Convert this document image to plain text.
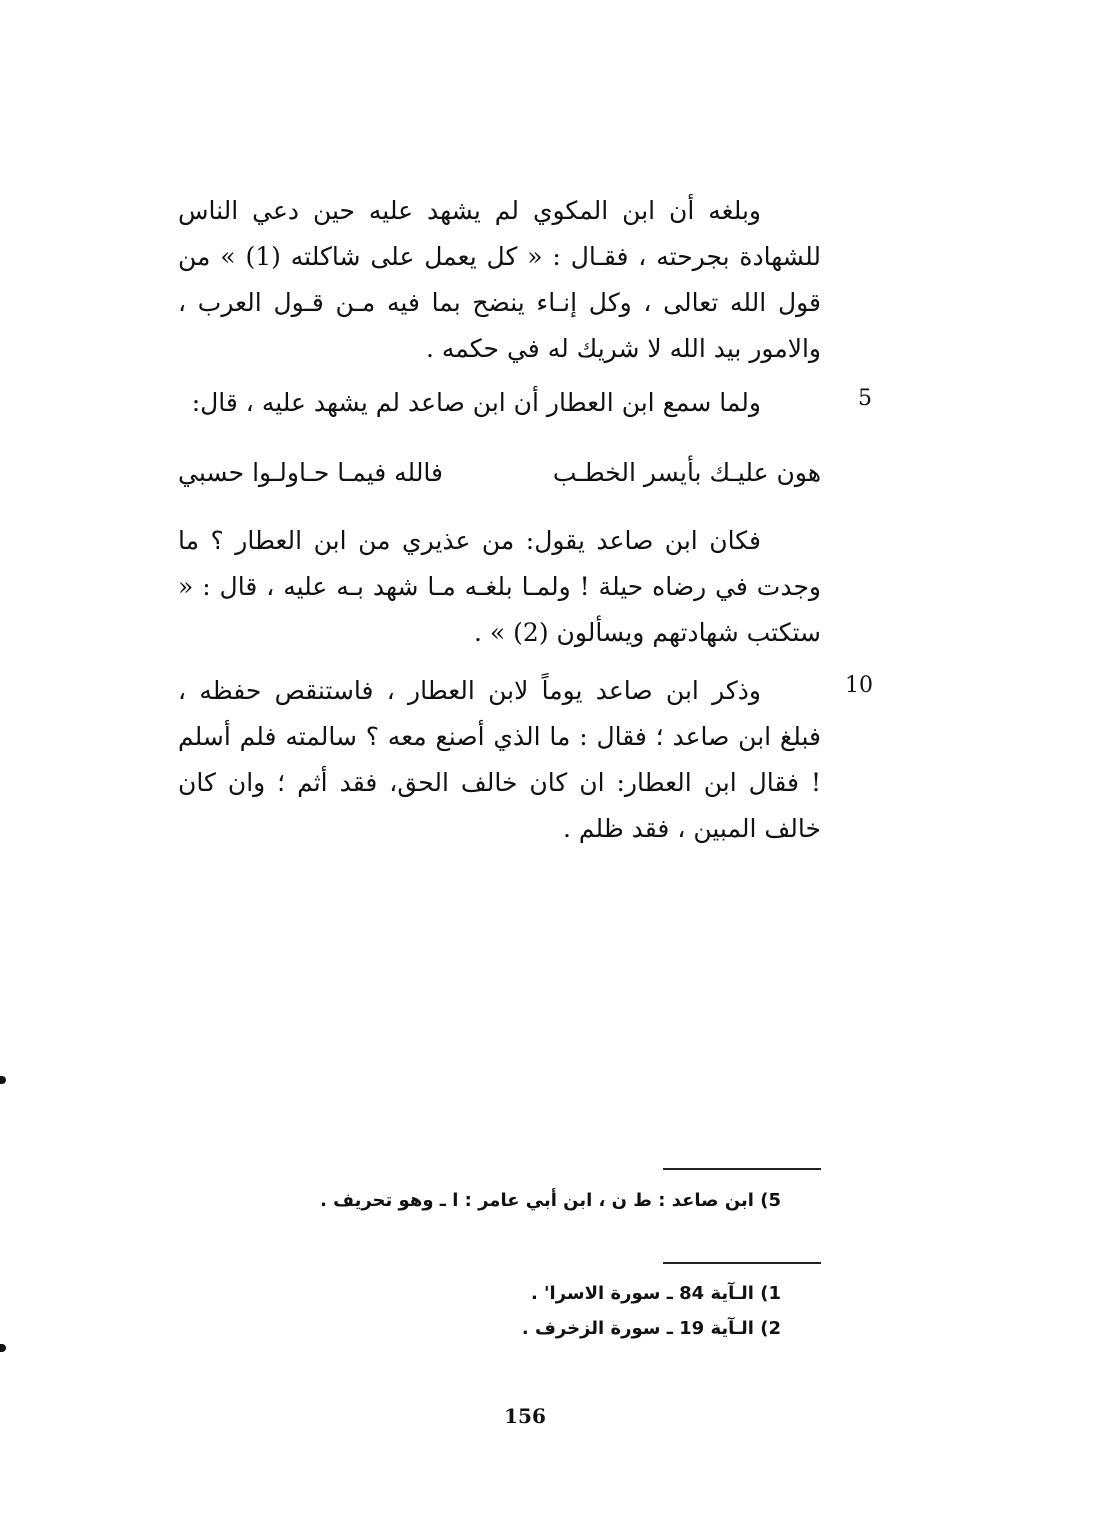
وبلغه أن ابن المكوي لم يشهد عليه حين دعي الناس للشهادة بجرحته ، فقـال : « كل يعمل على شاكلته (1) » من قول الله تعالى ، وكل إنـاء ينضح بما فيه مـن قـول العرب ، والامور بيد الله لا شريك له في حكمه .

5

ولما سمع ابن العطار أن ابن صاعد لم يشهد عليه ، قال:

هون عليـك بأيسر الخطـب
فالله فيمـا حـاولـوا حسبي

فكان ابن صاعد يقول: من عذيري من ابن العطار ؟ ما وجدت في رضاه حيلة ! ولمـا بلغـه مـا شهد بـه عليه ، قال : « ستكتب شهادتهم ويسألون (2) » .

10

وذكر ابن صاعد يوماً لابن العطار ، فاستنقص حفظه ، فبلغ ابن صاعد ؛ فقال : ما الذي أصنع معه ؟ سالمته فلم أسلم ! فقال ابن العطار: ان كان خالف الحق، فقد أثم ؛ وان كان خالف المبين ، فقد ظلم .

5) ابن صاعد : ط ن ، ابن أبي عامر : ا ـ وهو تحريف .
1) الـآية 84 ـ سورة الاسرا' .
2) الـآية 19 ـ سورة الزخرف .
156
